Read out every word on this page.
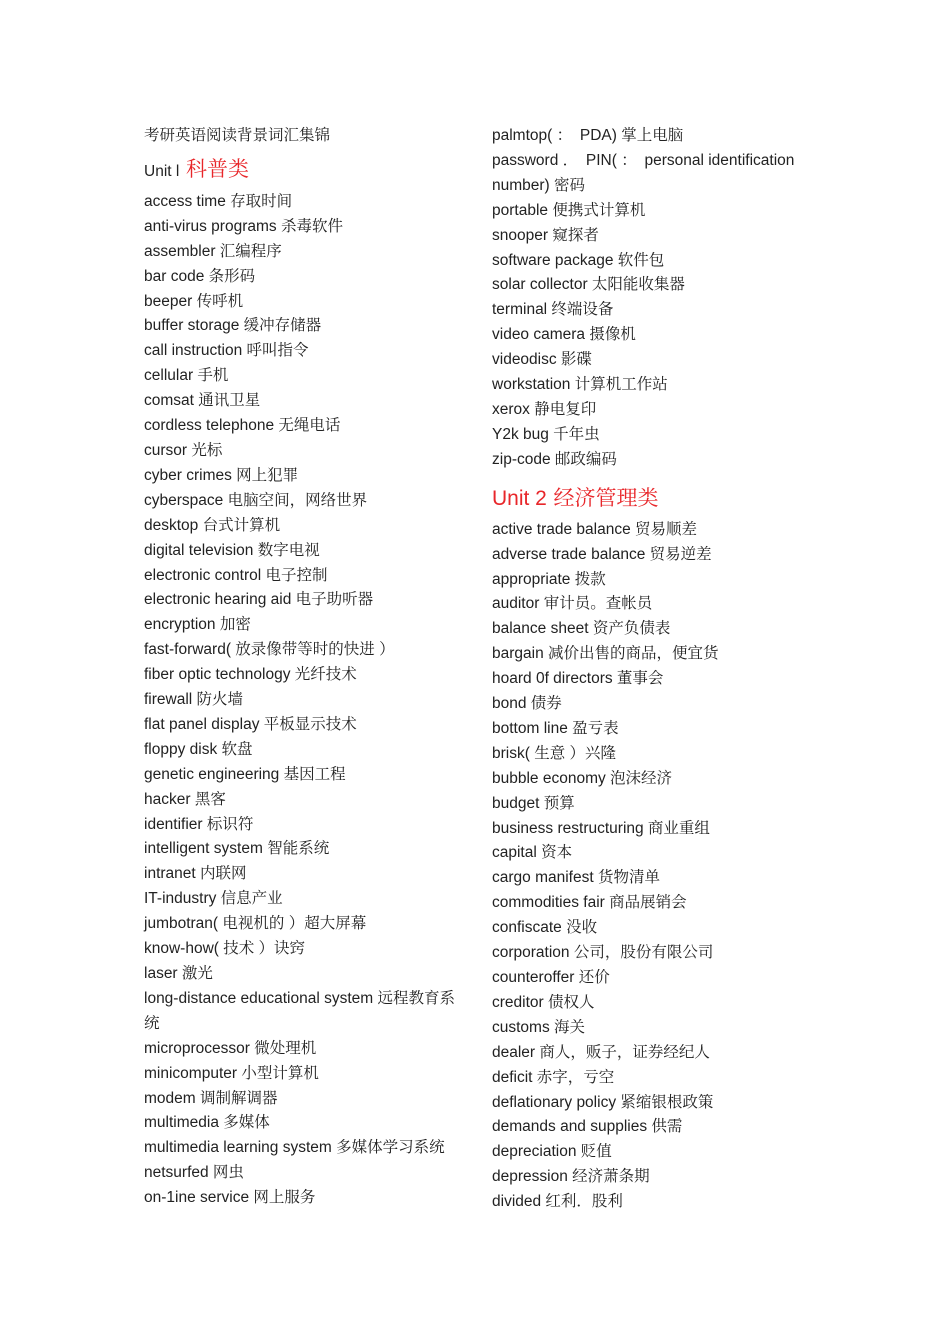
考研英语阅读背景词汇集锦
Unit l 科普类
access time 存取时间
anti-virus programs 杀毒软件
assembler 汇编程序
bar code 条形码
beeper 传呼机
buffer storage 缓冲存储器
call instruction 呼叫指令
cellular 手机
comsat 通讯卫星
cordless telephone 无绳电话
cursor 光标
cyber crimes 网上犯罪
cyberspace 电脑空间，网络世界
desktop 台式计算机
digital television 数字电视
electronic control 电子控制
electronic hearing aid 电子助听器
encryption 加密
fast-forward( 放录像带等时的快进 ）
fiber optic technology 光纤技术
firewall 防火墙
flat panel display 平板显示技术
floppy disk 软盘
genetic engineering 基因工程
hacker 黑客
identifier 标识符
intelligent system 智能系统
intranet 内联网
IT-industry 信息产业
jumbotran( 电视机的 ）超大屏幕
know-how( 技术 ）诀窍
laser 激光
long-distance educational system 远程教育系统
microprocessor 微处理机
minicomputer 小型计算机
modem 调制解调器
multimedia 多媒体
multimedia learning system 多媒体学习系统
netsurfed 网虫
on-1ine service 网上服务
palmtop( ：　PDA) 掌上电脑
password ．　PIN( ：　personal identification number) 密码
portable 便携式计算机
snooper 窥探者
software package 软件包
solar collector 太阳能收集器
terminal 终端设备
video camera 摄像机
videodisc 影碟
workstation 计算机工作站
xerox 静电复印
Y2k bug 千年虫
zip-code 邮政编码
Unit 2 经济管理类
active trade balance 贸易顺差
adverse trade balance 贸易逆差
appropriate 拨款
auditor 审计员。查帐员
balance sheet 资产负债表
bargain 减价出售的商品，便宜货
hoard 0f directors 董事会
bond 债券
bottom line 盈亏表
brisk( 生意 ）兴隆
bubble economy 泡沫经济
budget 预算
business restructuring 商业重组
capital 资本
cargo manifest 货物清单
commodities fair 商品展销会
confiscate 没收
corporation 公司，股份有限公司
counteroffer 还价
creditor 债权人
customs 海关
dealer 商人，贩子，证券经纪人
deficit 赤字，亏空
deflationary policy 紧缩银根政策
demands and supplies 供需
depreciation 贬值
depression 经济萧条期
divided 红利．股利
